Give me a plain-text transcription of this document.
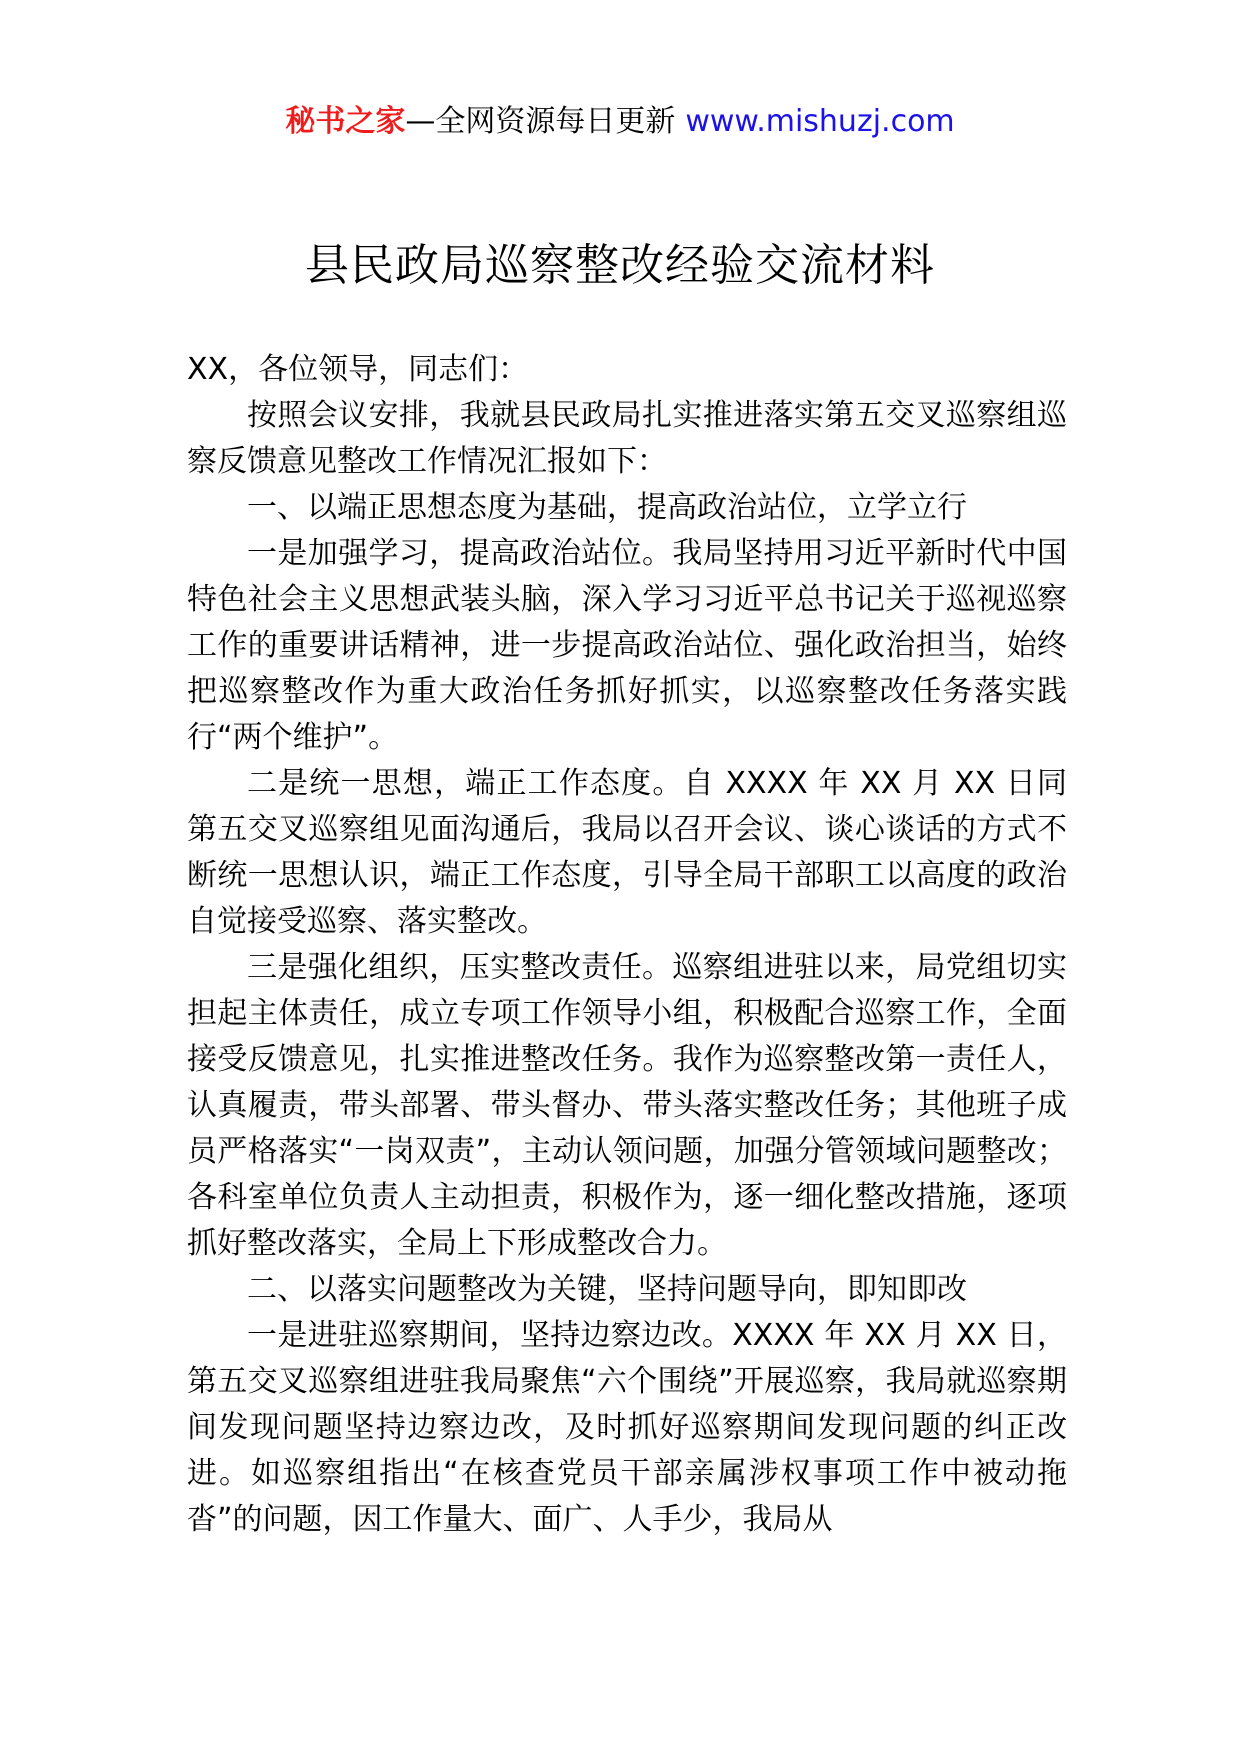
秘书之家—全网资源每日更新 www.mishuzj.com
县民政局巡察整改经验交流材料

XX，各位领导，同志们：

按照会议安排，我就县民政局扎实推进落实第五交叉巡察组巡察反馈意见整改工作情况汇报如下：

一、以端正思想态度为基础，提高政治站位，立学立行

一是加强学习，提高政治站位。我局坚持用习近平新时代中国特色社会主义思想武装头脑，深入学习习近平总书记关于巡视巡察工作的重要讲话精神，进一步提高政治站位、强化政治担当，始终把巡察整改作为重大政治任务抓好抓实，以巡察整改任务落实践行“两个维护”。

二是统一思想，端正工作态度。自 XXXX 年 XX 月 XX 日同第五交叉巡察组见面沟通后，我局以召开会议、谈心谈话的方式不断统一思想认识，端正工作态度，引导全局干部职工以高度的政治自觉接受巡察、落实整改。

三是强化组织，压实整改责任。巡察组进驻以来，局党组切实担起主体责任，成立专项工作领导小组，积极配合巡察工作，全面接受反馈意见，扎实推进整改任务。我作为巡察整改第一责任人，认真履责，带头部署、带头督办、带头落实整改任务；其他班子成员严格落实“一岗双责”，主动认领问题，加强分管领域问题整改；各科室单位负责人主动担责，积极作为，逐一细化整改措施，逐项抓好整改落实，全局上下形成整改合力。

二、以落实问题整改为关键，坚持问题导向，即知即改

一是进驻巡察期间，坚持边察边改。XXXX 年 XX 月 XX 日，第五交叉巡察组进驻我局聚焦“六个围绕”开展巡察，我局就巡察期间发现问题坚持边察边改，及时抓好巡察期间发现问题的纠正改进。如巡察组指出“在核查党员干部亲属涉权事项工作中被动拖沓”的问题，因工作量大、面广、人手少，我局从
